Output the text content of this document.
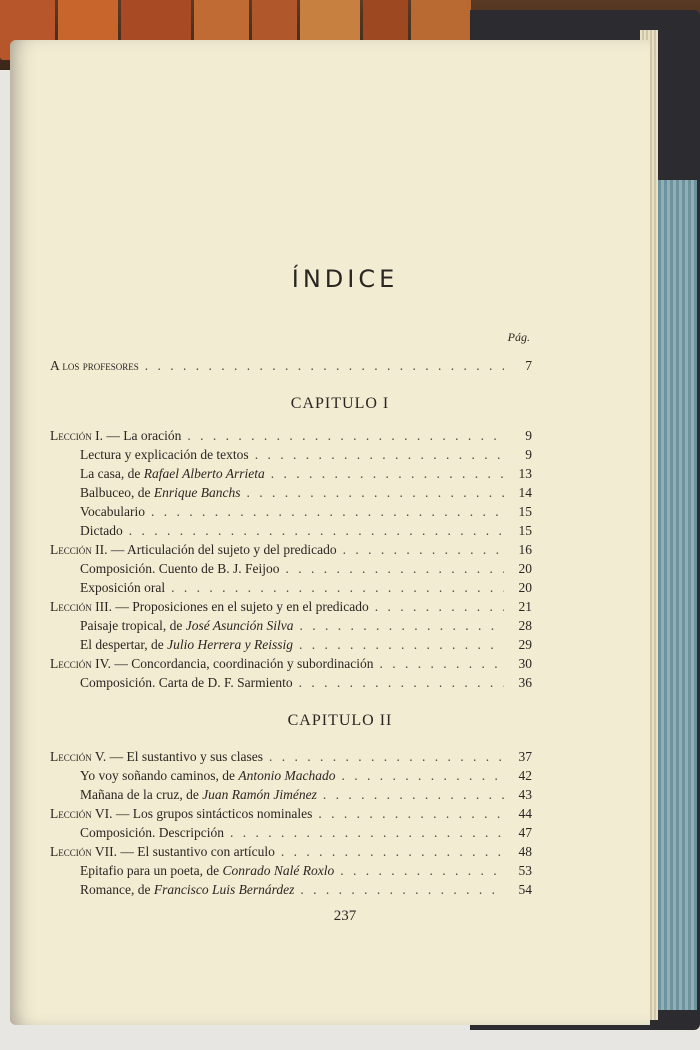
ÍNDICE
Pág.
237
A los profesores . . .	7
CAPITULO I
Lección I. — La oración . . .	9
Lectura y explicación de textos . . .	9
La casa, de Rafael Alberto Arrieta . . .	13
Balbuceo, de Enrique Banchs . . .	14
Vocabulario . . .	15
Dictado . . .	15
Lección II. — Articulación del sujeto y del predicado . . .	16
Composición. Cuento de B. J. Feijoo . . .	20
Exposición oral . . .	20
Lección III. — Proposiciones en el sujeto y en el predicado . . .	21
Paisaje tropical, de José Asunción Silva . . .	28
El despertar, de Julio Herrera y Reissig . . .	29
Lección IV. — Concordancia, coordinación y subordinación . . .	30
Composición. Carta de D. F. Sarmiento . . .	36
CAPITULO II
Lección V. — El sustantivo y sus clases . . .	37
Yo voy soñando caminos, de Antonio Machado . . .	42
Mañana de la cruz, de Juan Ramón Jiménez . . .	43
Lección VI. — Los grupos sintácticos nominales . . .	44
Composición. Descripción . . .	47
Lección VII. — El sustantivo con artículo . . .	48
Epitafio para un poeta, de Conrado Nalé Roxlo . . .	53
Romance, de Francisco Luis Bernárdez . . .	54
